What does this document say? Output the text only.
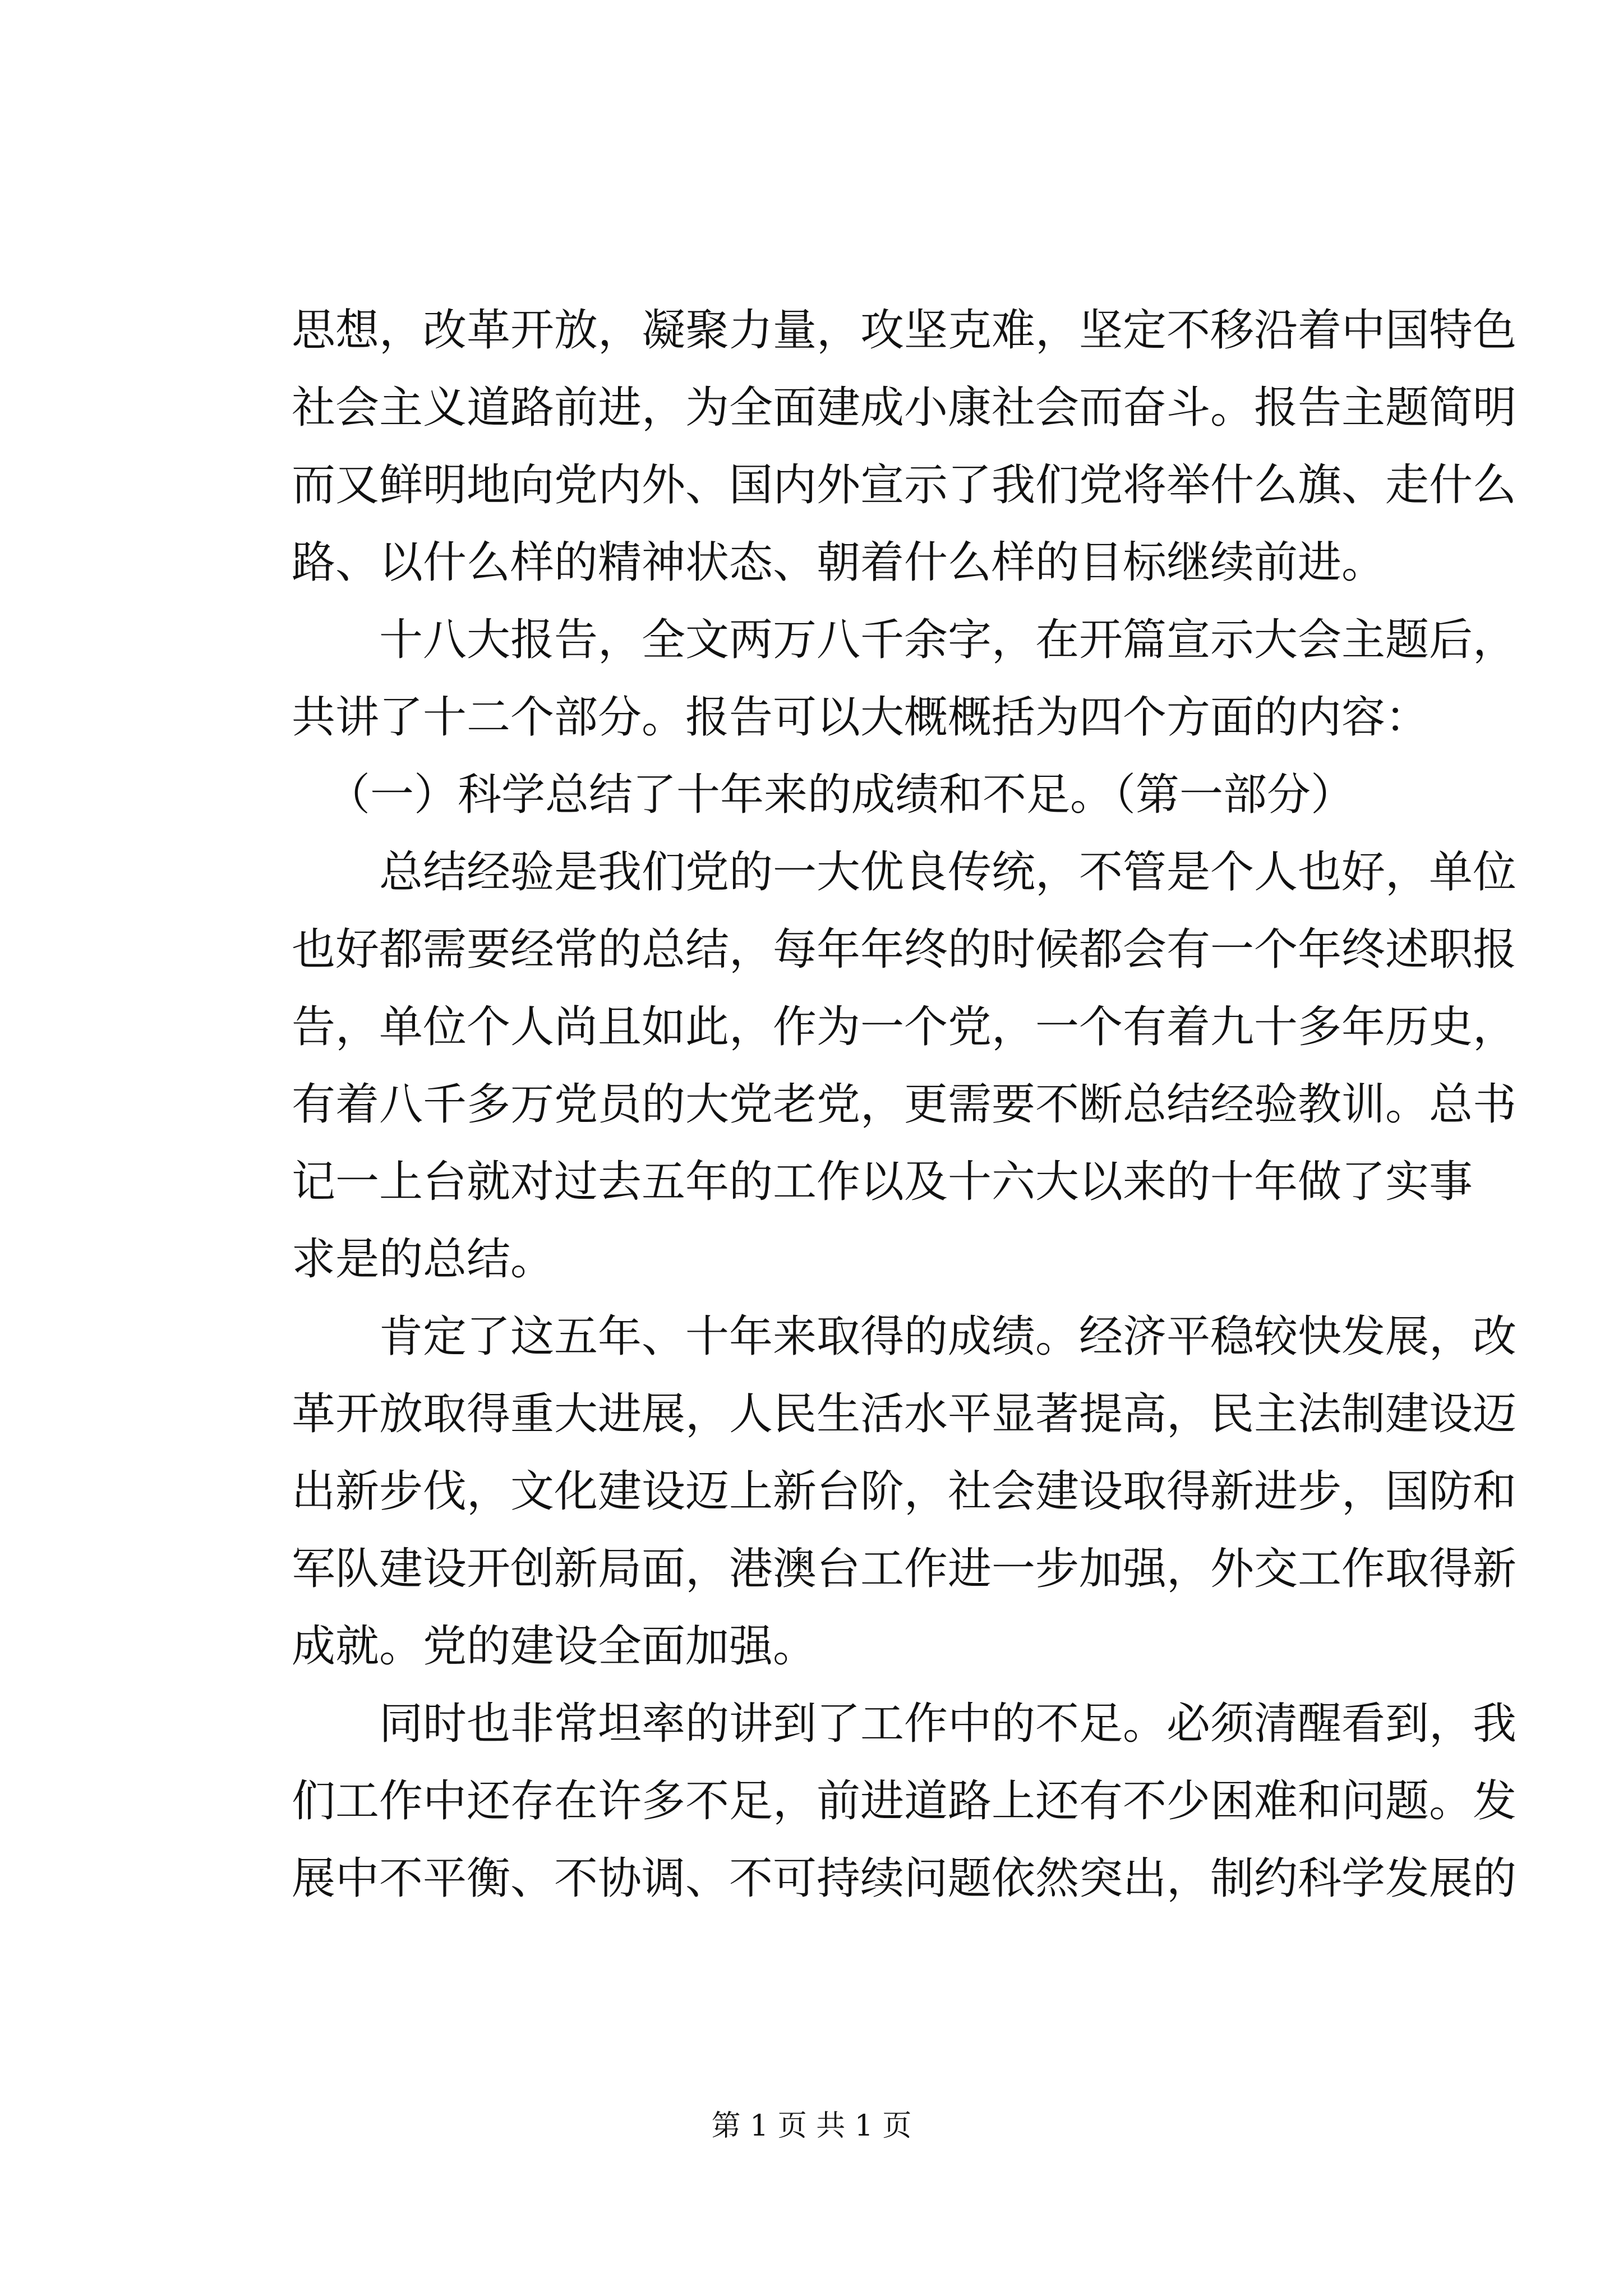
思想，改革开放，凝聚力量，攻坚克难，坚定不移沿着中国特色
社会主义道路前进，为全面建成小康社会而奋斗。报告主题简明
而又鲜明地向党内外、国内外宣示了我们党将举什么旗、走什么
路、以什么样的精神状态、朝着什么样的目标继续前进。
十八大报告，全文两万八千余字，在开篇宣示大会主题后，
共讲了十二个部分。报告可以大概概括为四个方面的内容：
（一）科学总结了十年来的成绩和不足。（第一部分）
总结经验是我们党的一大优良传统，不管是个人也好，单位
也好都需要经常的总结，每年年终的时候都会有一个年终述职报
告，单位个人尚且如此，作为一个党，一个有着九十多年历史，
有着八千多万党员的大党老党，更需要不断总结经验教训。总书
记一上台就对过去五年的工作以及十六大以来的十年做了实事
求是的总结。
肯定了这五年、十年来取得的成绩。经济平稳较快发展，改
革开放取得重大进展，人民生活水平显著提高，民主法制建设迈
出新步伐，文化建设迈上新台阶，社会建设取得新进步，国防和
军队建设开创新局面，港澳台工作进一步加强，外交工作取得新
成就。党的建设全面加强。
同时也非常坦率的讲到了工作中的不足。必须清醒看到，我
们工作中还存在许多不足，前进道路上还有不少困难和问题。发
展中不平衡、不协调、不可持续问题依然突出，制约科学发展的
第 1 页 共 1 页
